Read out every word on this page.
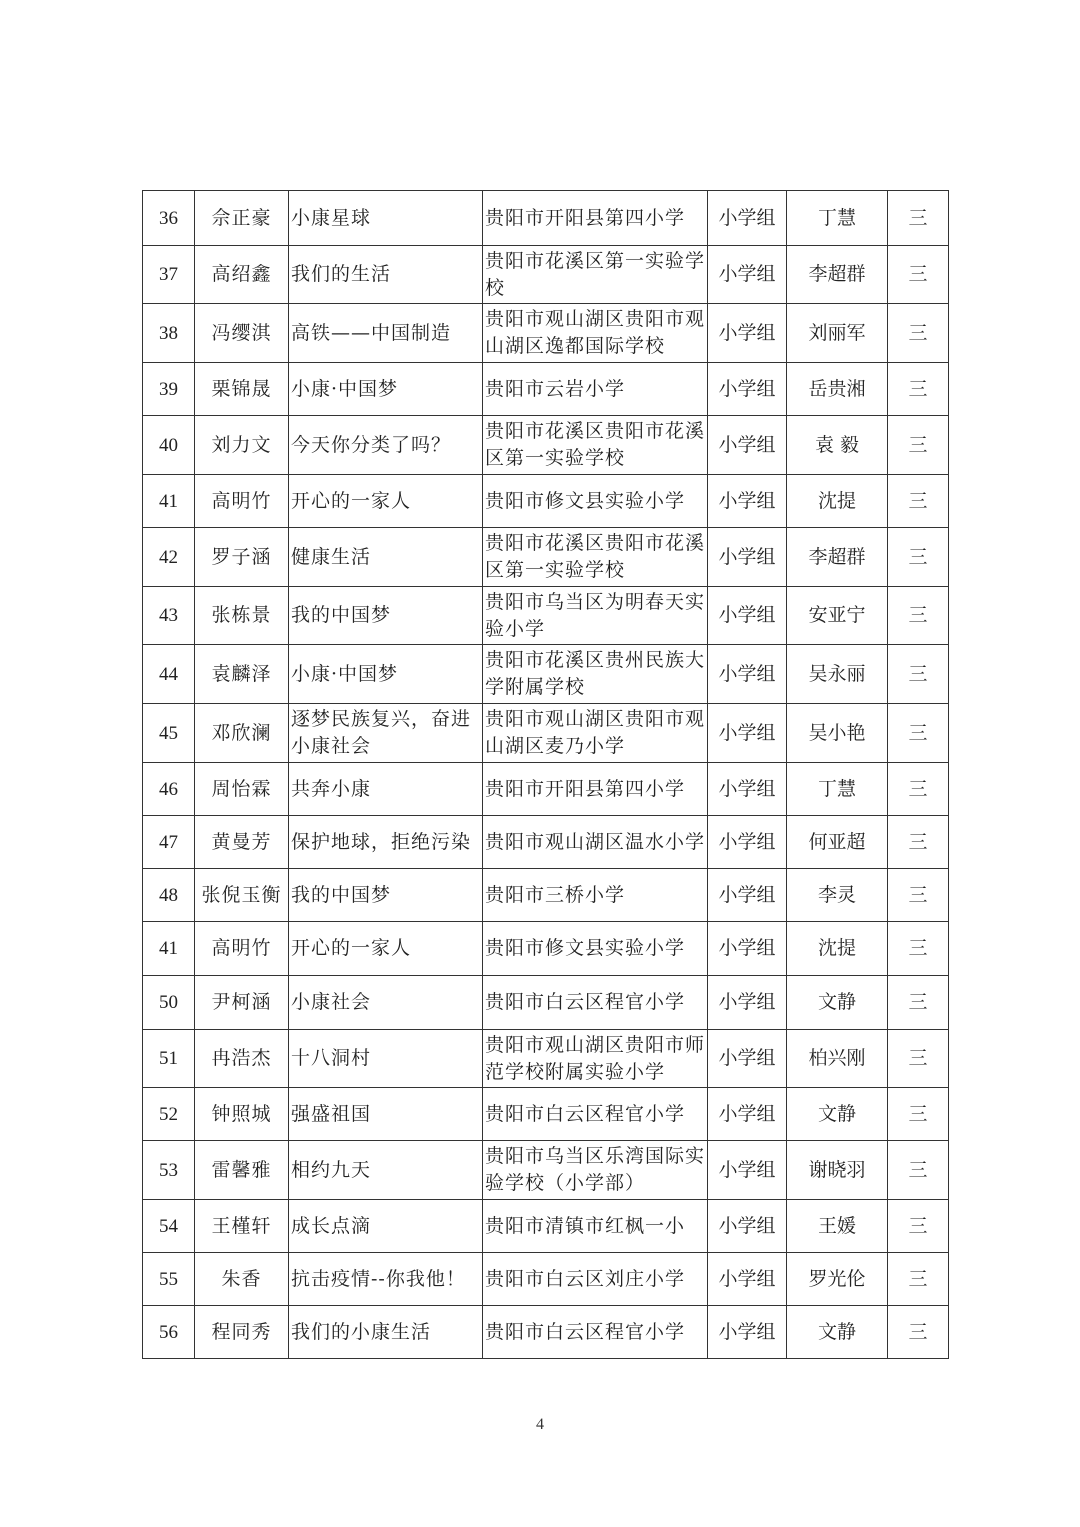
36	佘正豪	小康星球	贵阳市开阳县第四小学	小学组	丁慧	三
37	高绍鑫	我们的生活	贵阳市花溪区第一实验学校	小学组	李超群	三
38	冯缨淇	高铁——中国制造	贵阳市观山湖区贵阳市观山湖区逸都国际学校	小学组	刘丽军	三
39	栗锦晟	小康·中国梦	贵阳市云岩小学	小学组	岳贵湘	三
40	刘力文	今天你分类了吗？	贵阳市花溪区贵阳市花溪区第一实验学校	小学组	袁 毅	三
41	高明竹	开心的一家人	贵阳市修文县实验小学	小学组	沈提	三
42	罗子涵	健康生活	贵阳市花溪区贵阳市花溪区第一实验学校	小学组	李超群	三
43	张栋景	我的中国梦	贵阳市乌当区为明春天实验小学	小学组	安亚宁	三
44	袁麟泽	小康·中国梦	贵阳市花溪区贵州民族大学附属学校	小学组	吴永丽	三
45	邓欣澜	逐梦民族复兴，奋进小康社会	贵阳市观山湖区贵阳市观山湖区麦乃小学	小学组	吴小艳	三
46	周怡霖	共奔小康	贵阳市开阳县第四小学	小学组	丁慧	三
47	黄曼芳	保护地球，拒绝污染	贵阳市观山湖区温水小学	小学组	何亚超	三
48	张倪玉衡	我的中国梦	贵阳市三桥小学	小学组	李灵	三
41	高明竹	开心的一家人	贵阳市修文县实验小学	小学组	沈提	三
50	尹柯涵	小康社会	贵阳市白云区程官小学	小学组	文静	三
51	冉浩杰	十八洞村	贵阳市观山湖区贵阳市师范学校附属实验小学	小学组	柏兴刚	三
52	钟照城	强盛祖国	贵阳市白云区程官小学	小学组	文静	三
53	雷馨雅	相约九天	贵阳市乌当区乐湾国际实验学校（小学部）	小学组	谢晓羽	三
54	王槿轩	成长点滴	贵阳市清镇市红枫一小	小学组	王媛	三
55	朱香	抗击疫情--你我他！	贵阳市白云区刘庄小学	小学组	罗光伦	三
56	程同秀	我们的小康生活	贵阳市白云区程官小学	小学组	文静	三
4
